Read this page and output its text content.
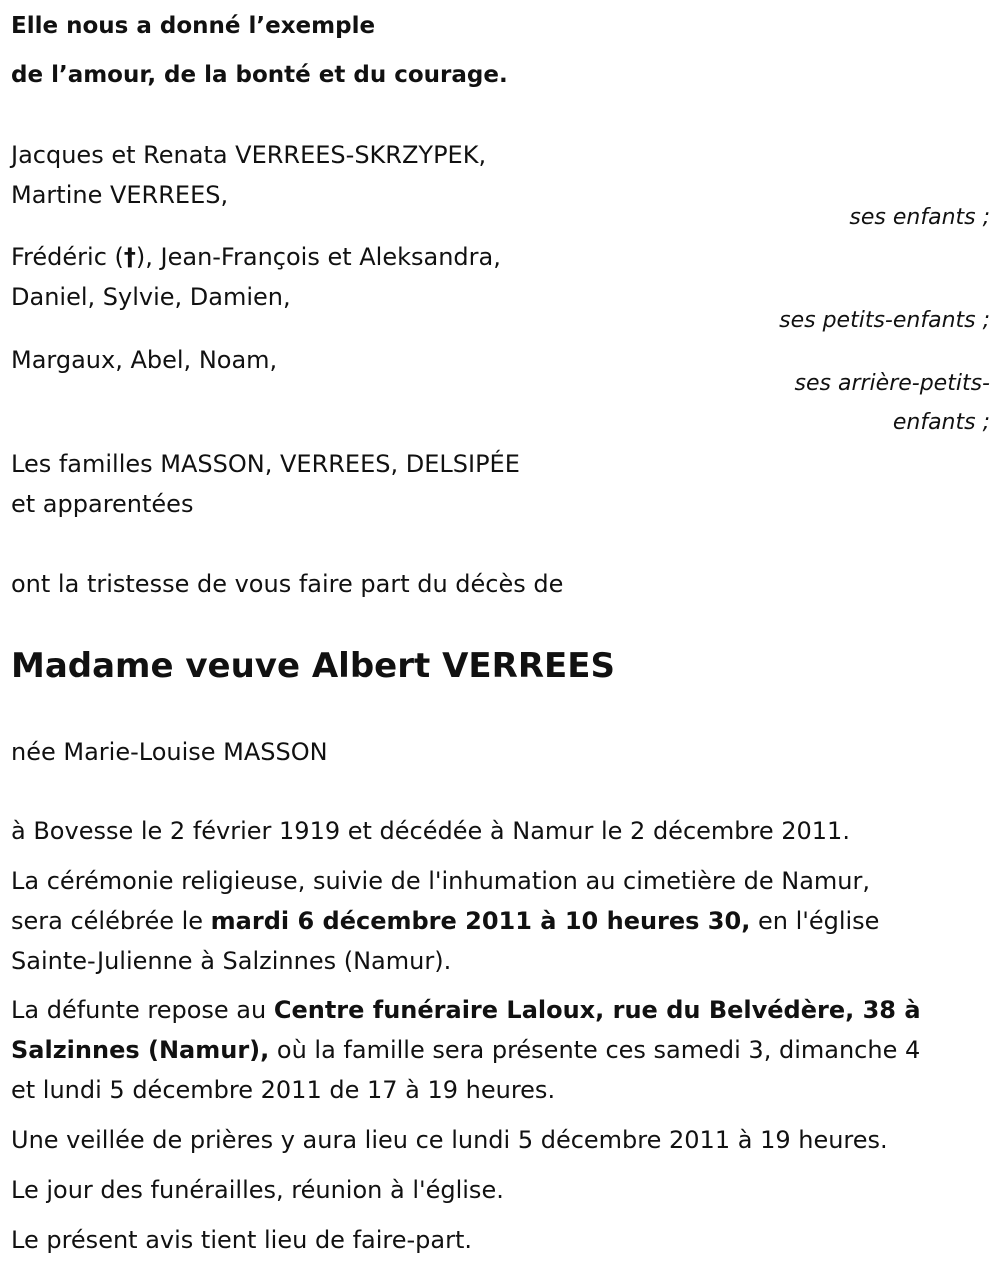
Elle nous a donné l’exemple

de l’amour, de la bonté et du courage.

Jacques et Renata VERREES-SKRZYPEK,

Martine VERREES,

ses enfants ;

Frédéric (†), Jean-François et Aleksandra,

Daniel, Sylvie, Damien,

ses petits-enfants ;

Margaux, Abel, Noam,

ses arrière-petits-

enfants ;

Les familles MASSON, VERREES, DELSIPÉE

et apparentées

ont la tristesse de vous faire part du décès de

Madame veuve Albert VERREES

née Marie-Louise MASSON

à Bovesse le 2 février 1919 et décédée à Namur le 2 décembre 2011.

La cérémonie religieuse, suivie de l'inhumation au cimetière de Namur,

sera célébrée le mardi 6 décembre 2011 à 10 heures 30, en l'église

Sainte-Julienne à Salzinnes (Namur).

La défunte repose au Centre funéraire Laloux, rue du Belvédère, 38 à

Salzinnes (Namur), où la famille sera présente ces samedi 3, dimanche 4

et lundi 5 décembre 2011 de 17 à 19 heures.

Une veillée de prières y aura lieu ce lundi 5 décembre 2011 à 19 heures.

Le jour des funérailles, réunion à l'église.

Le présent avis tient lieu de faire-part.
